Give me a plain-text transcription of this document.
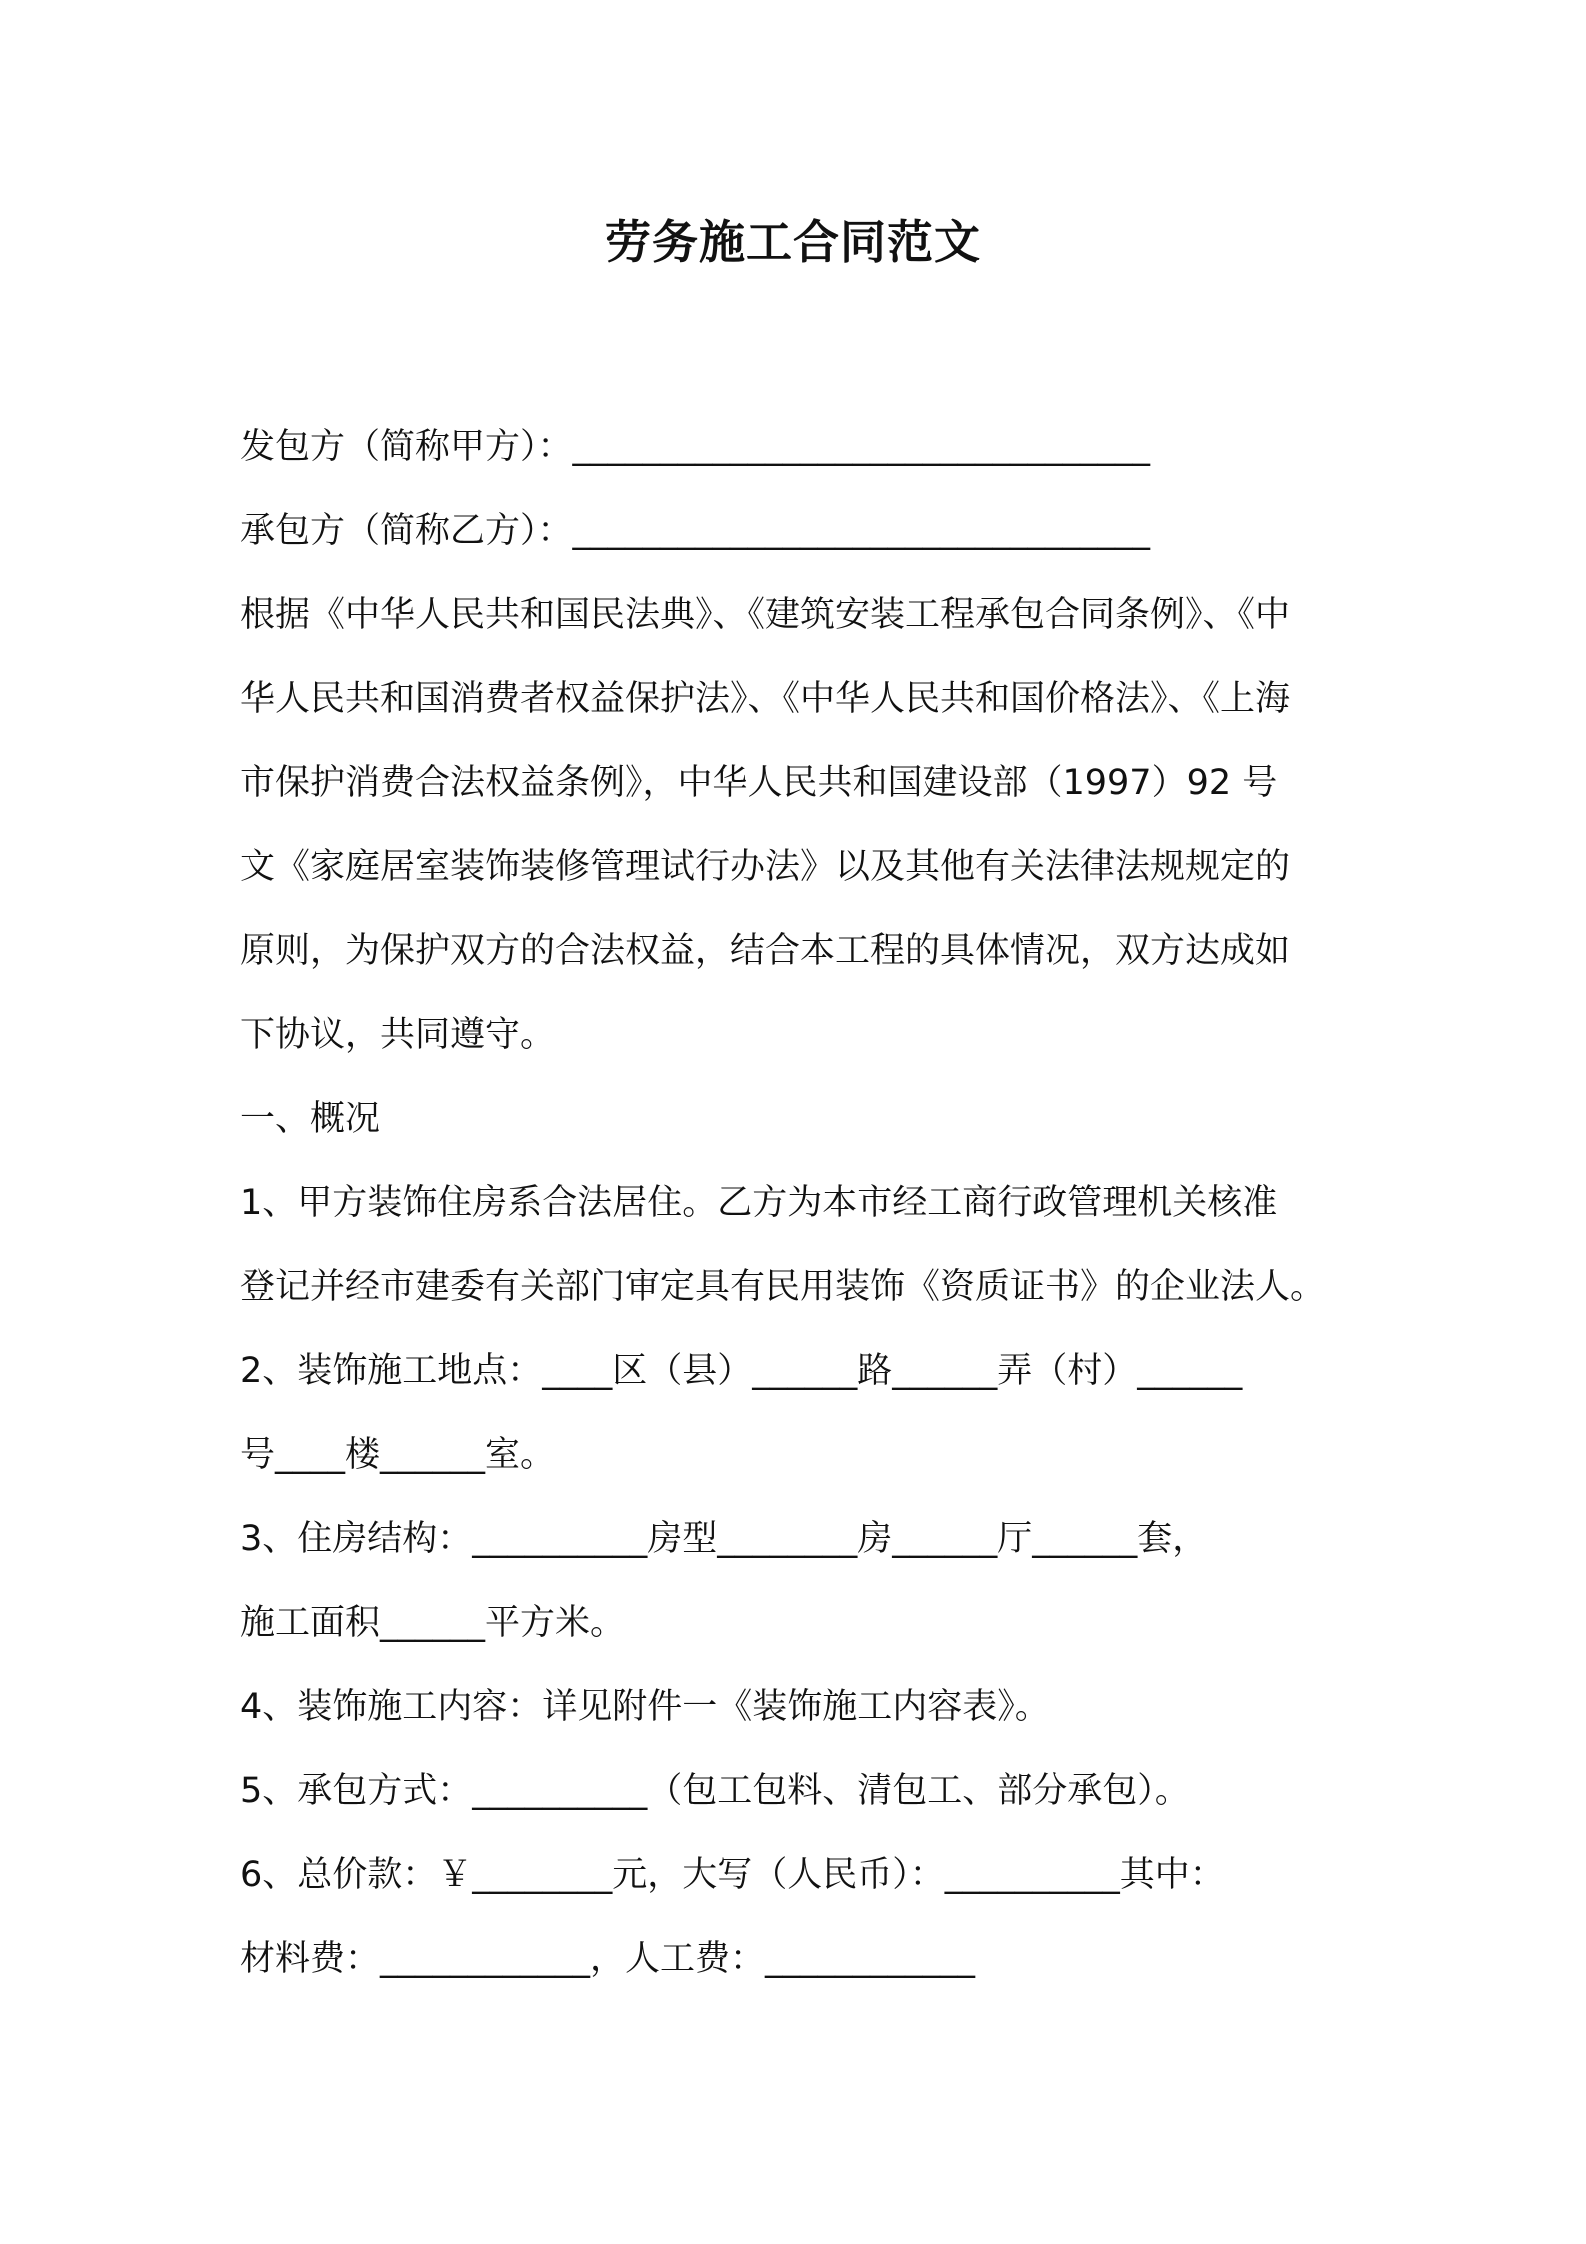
劳务施工合同范文

发包方（简称甲方）：_________________________________

承包方（简称乙方）：_________________________________

根据《中华人民共和国民法典》、《建筑安装工程承包合同条例》、《中

华人民共和国消费者权益保护法》、《中华人民共和国价格法》、《上海

市保护消费合法权益条例》，中华人民共和国建设部（1997）92 号

文《家庭居室装饰装修管理试行办法》以及其他有关法律法规规定的

原则，为保护双方的合法权益，结合本工程的具体情况，双方达成如

下协议，共同遵守。

一、概况

1、甲方装饰住房系合法居住。乙方为本市经工商行政管理机关核准

登记并经市建委有关部门审定具有民用装饰《资质证书》的企业法人。

2、装饰施工地点：____区（县）______路______弄（村）______

号____楼______室。

3、住房结构：__________房型________房______厅______套，

施工面积______平方米。

4、装饰施工内容：详见附件一《装饰施工内容表》。

5、承包方式：__________（包工包料、清包工、部分承包）。

6、总价款：￥________元，大写（人民币）：__________其中：

材料费：____________，人工费：____________
